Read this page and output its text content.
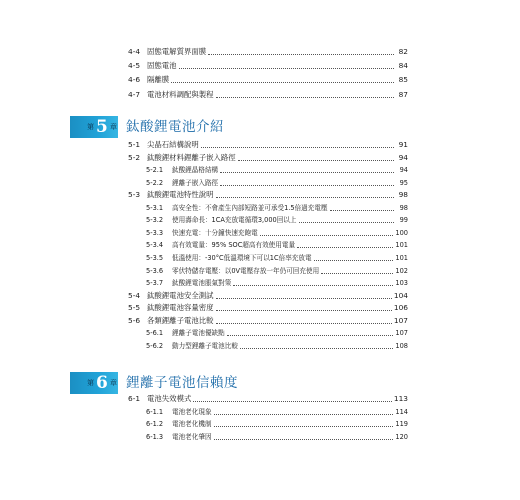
4-4 固態電解質界面膜	82
4-5 固態電池	84
4-6 隔離膜	85
4-7 電池材料調配與製程	87
第 5 章 鈦酸鋰電池介紹
5-1 尖晶石結構說明	91
5-2 鈦酸鋰材料鋰離子嵌入路徑	94
5-2.1	鈦酸鋰晶格結構	94
5-2.2	鋰離子嵌入路徑	95
5-3 鈦酸鋰電池特性說明	98
5-3.1	高安全性：不會產生內部短路並可承受1.5倍過充電壓	98
5-3.2	使用壽命長：1CA充放電循環3,000回以上	99
5-3.3	快速充電：十分鐘快速充飽電	100
5-3.4	高有效電量：95% SOC超高有效使用電量	101
5-3.5	低溫使用：-30°C低溫環境下可以1C倍率充放電	101
5-3.6	零伏特儲存電壓：以0V電壓存放一年仍可回充使用	102
5-3.7	鈦酸鋰電池脹氣對策	103
5-4 鈦酸鋰電池安全測試	104
5-5 鈦酸鋰電池容量密度	106
5-6 各類鋰離子電池比較	107
5-6.1	鋰離子電池優缺點	107
5-6.2	動力型鋰離子電池比較	108
第 6 章 鋰離子電池信賴度
6-1 電池失效模式	113
6-1.1	電池老化現象	114
6-1.2	電池老化機制	119
6-1.3	電池老化肇因	120
